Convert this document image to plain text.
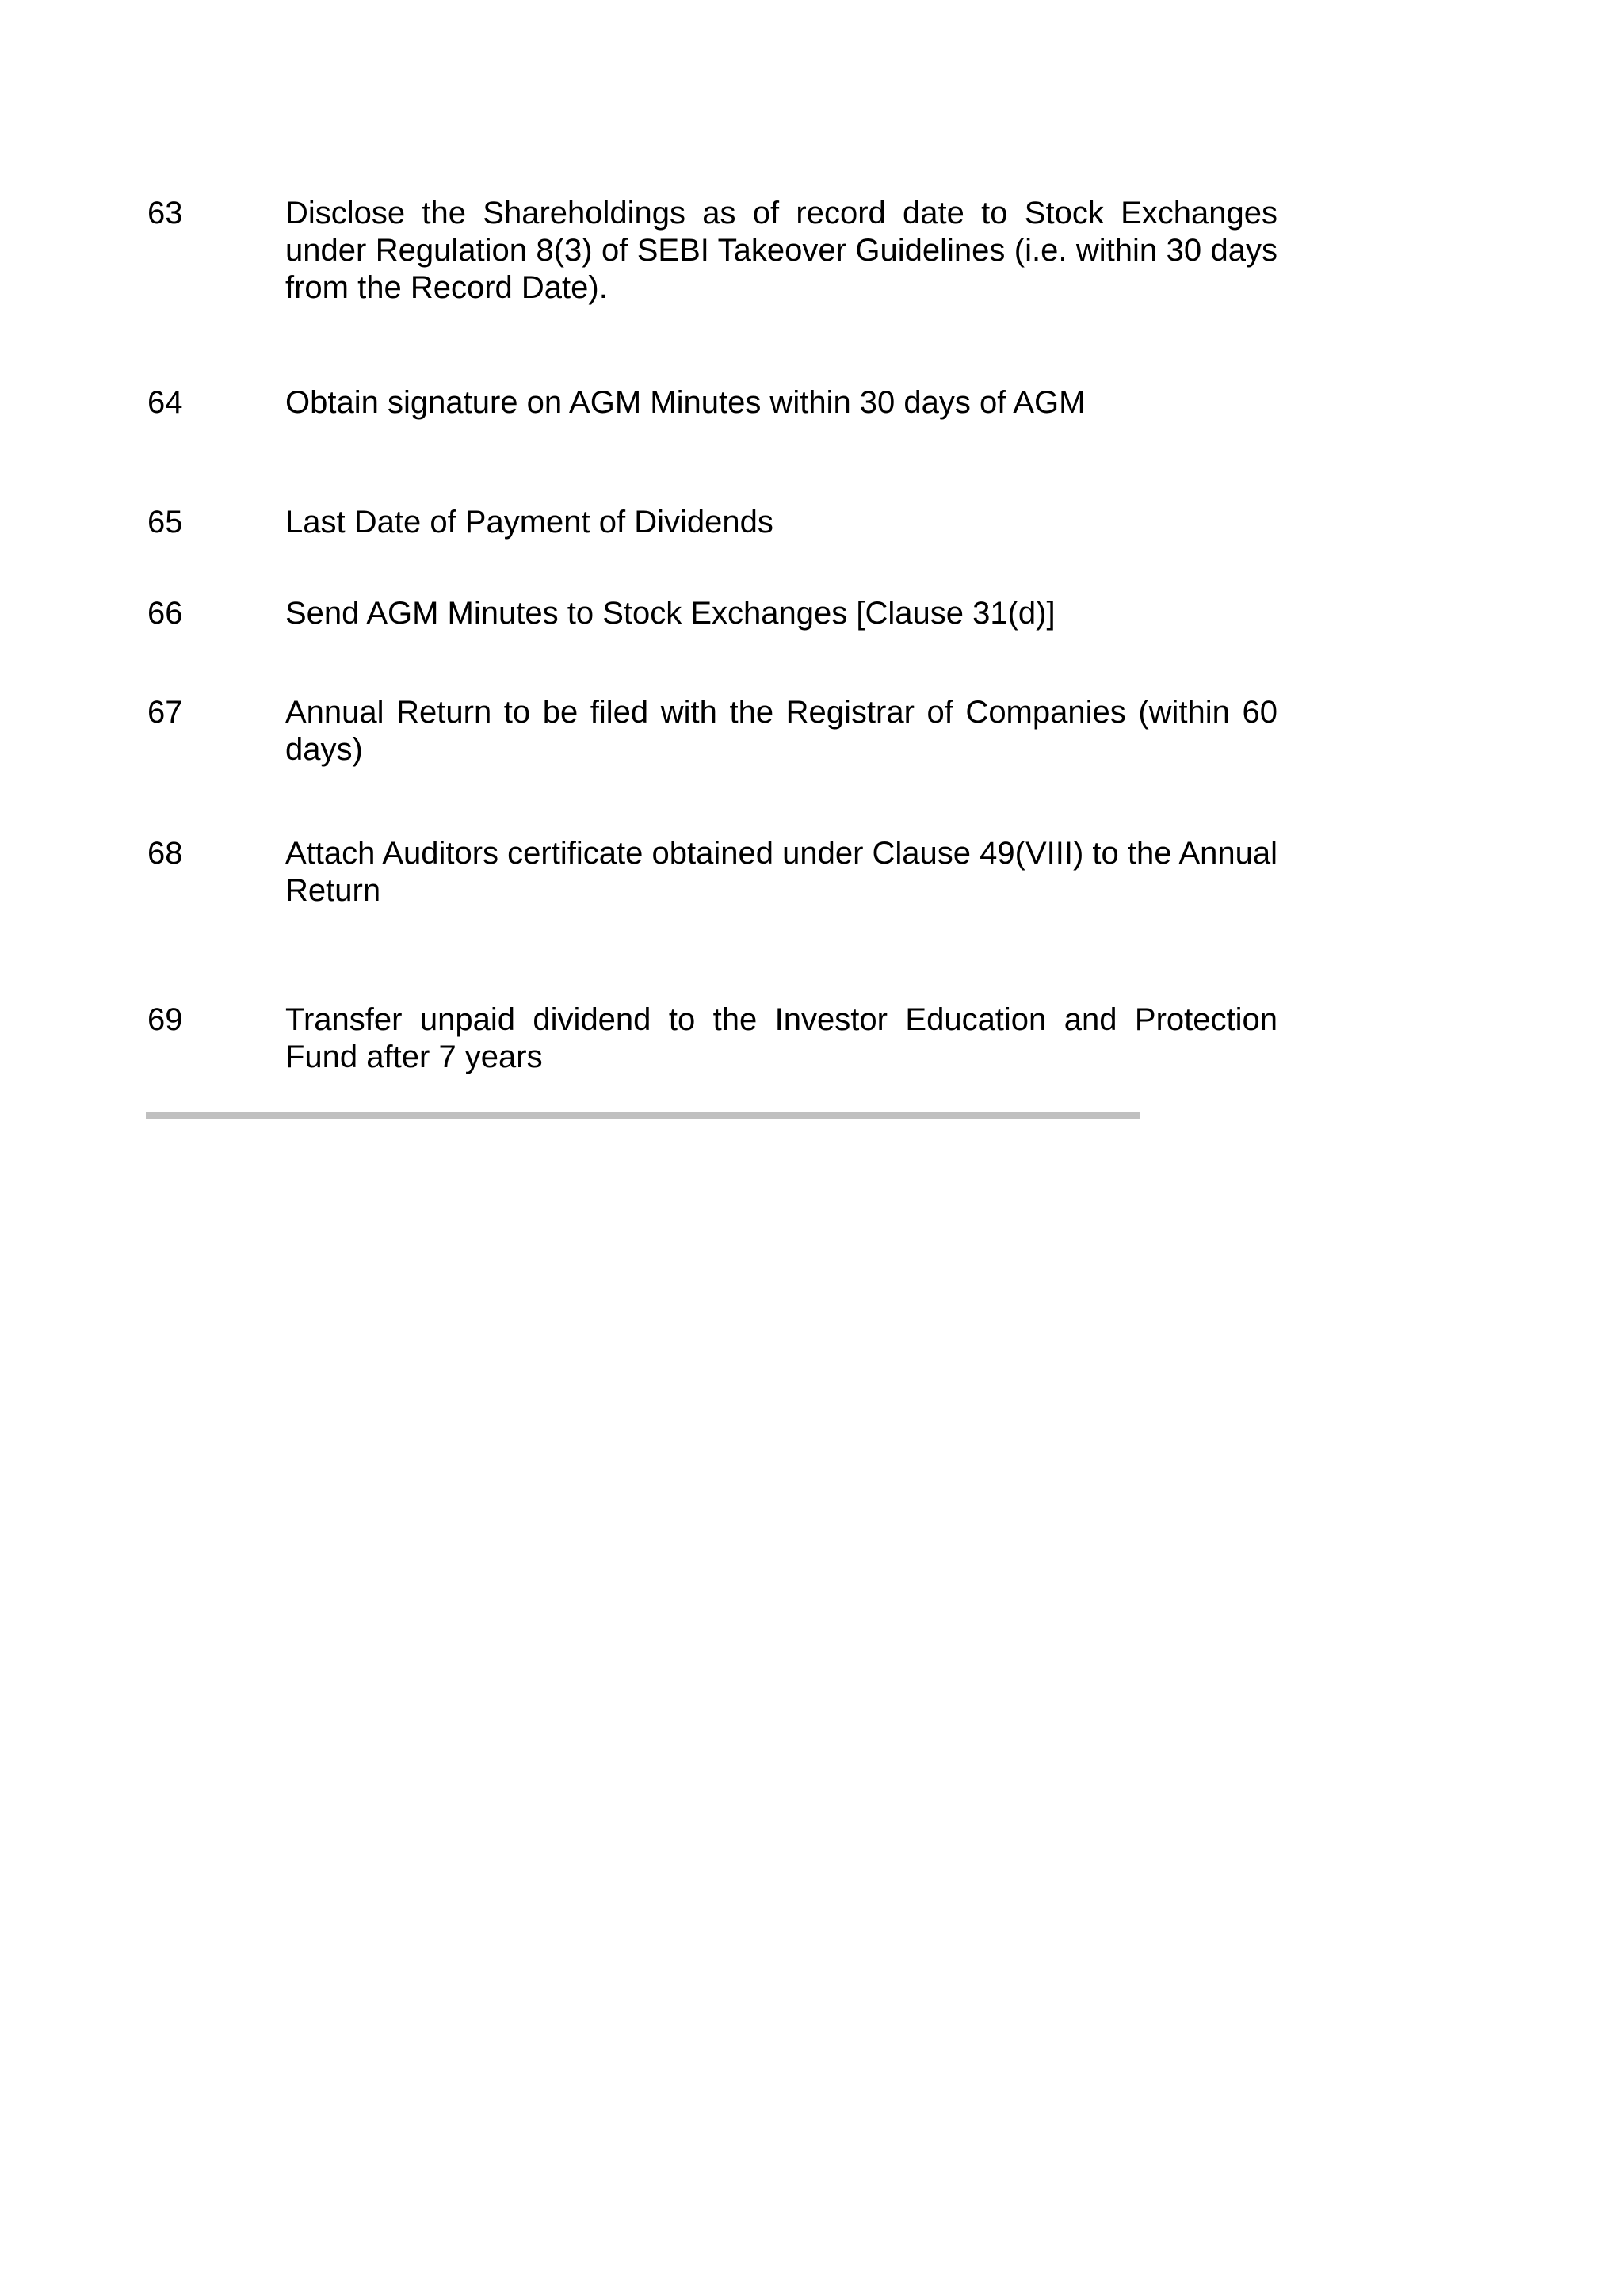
63	Disclose the Shareholdings as of record date to Stock Exchanges under Regulation 8(3) of SEBI Takeover Guidelines (i.e. within 30 days from the Record Date).
64	Obtain signature on AGM Minutes within 30 days of AGM
65	Last Date of Payment of Dividends
66	Send AGM Minutes to Stock Exchanges [Clause 31(d)]
67	Annual Return to be filed with the Registrar of Companies (within 60 days)
68	Attach Auditors certificate obtained under Clause 49(VIII) to the Annual Return
69	Transfer unpaid dividend to the Investor Education and Protection Fund after 7 years
